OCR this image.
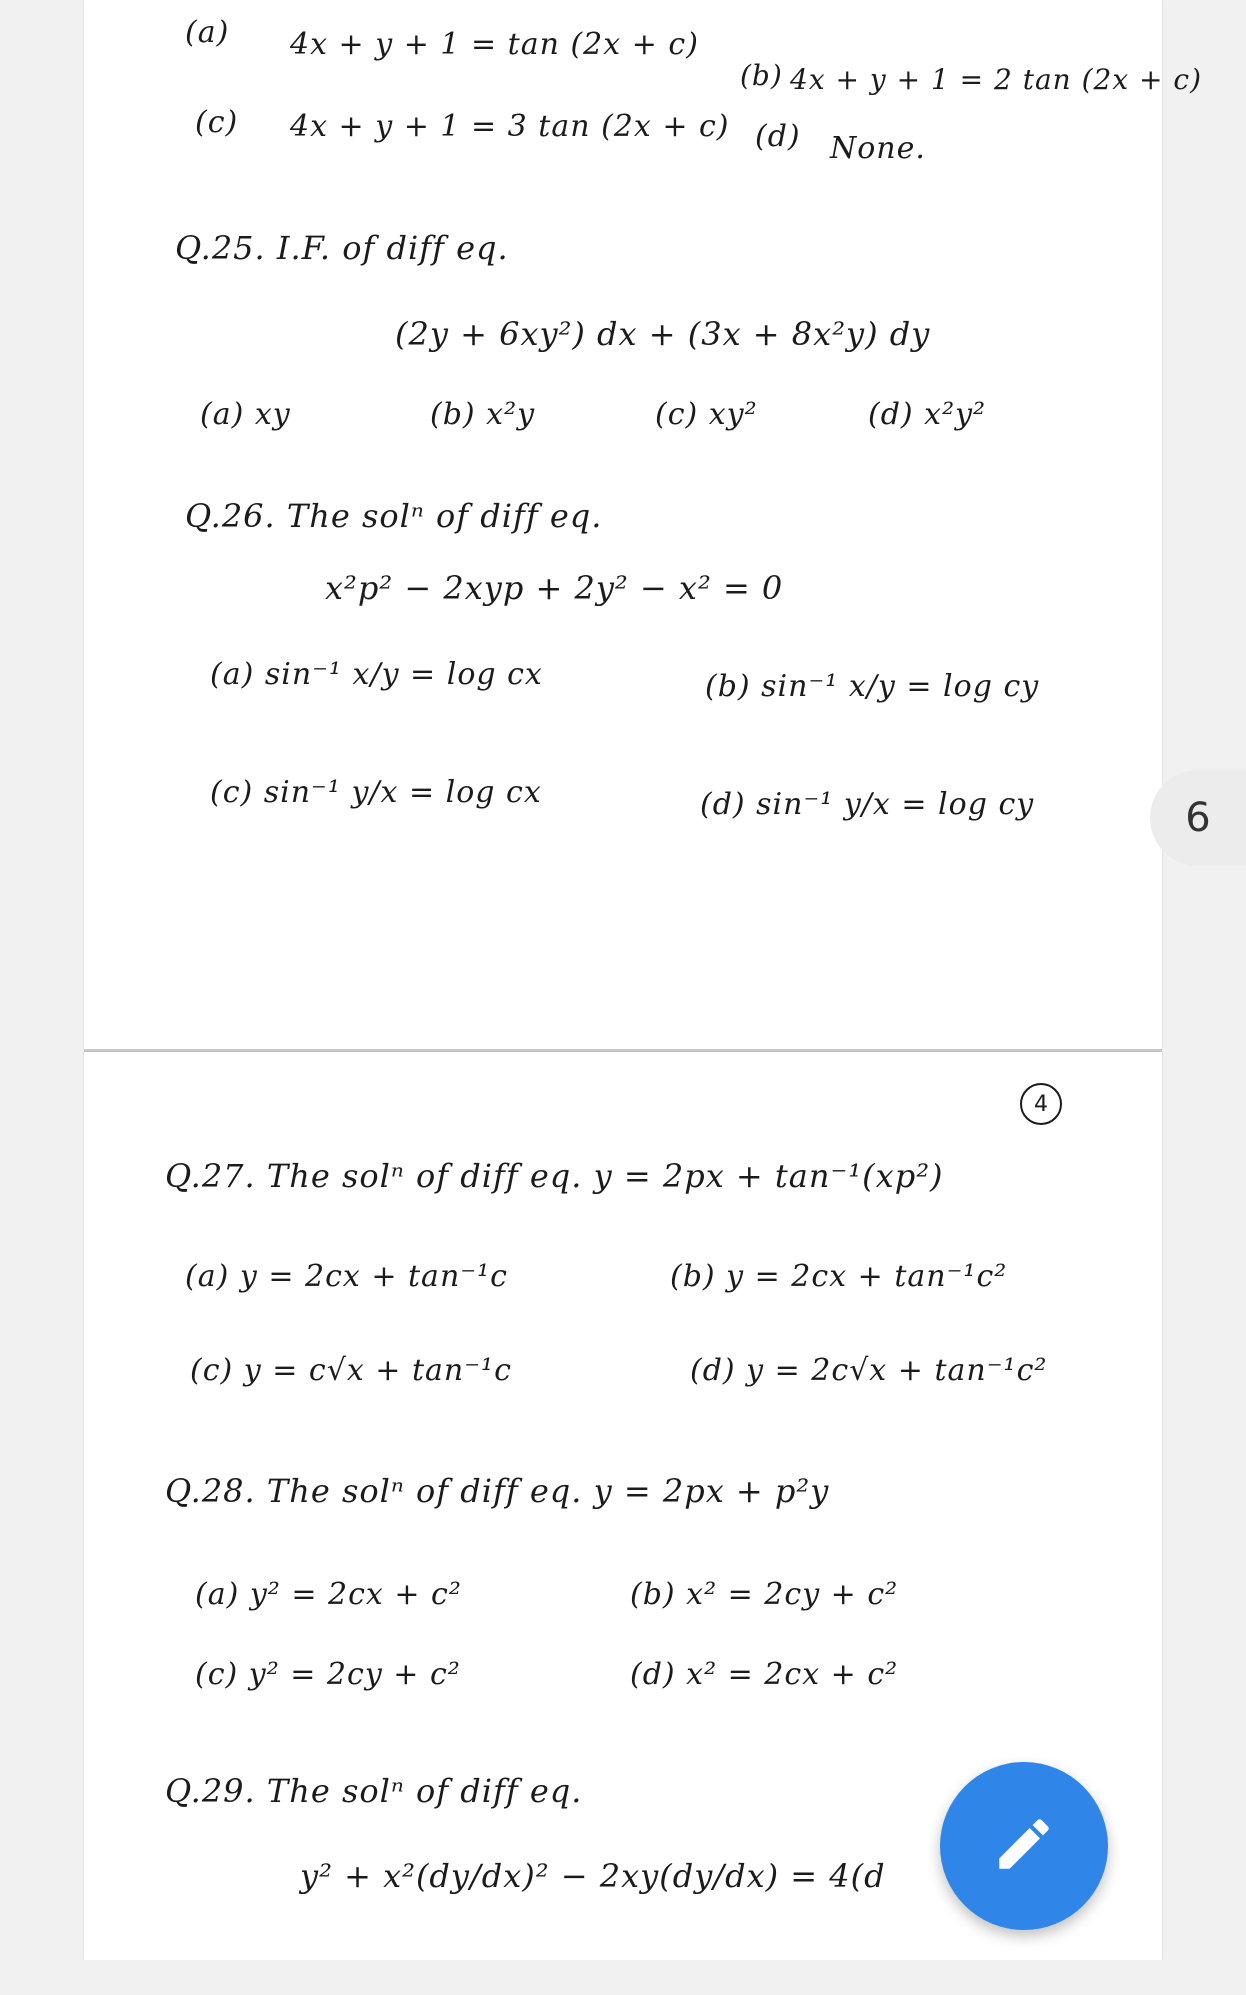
(a) 4x + y + 1 = tan (2x + c)
(b) 4x + y + 1 = 2 tan (2x + c)
(c) 4x + y + 1 = 3 tan (2x + c) (d) None.
Q.25. I.F. of diff eq.
(2y + 6xy²) dx + (3x + 8x²y) dy
(a) xy	(b) x²y	(c) xy²	(d) x²y²
Q.26. The solⁿ of diff eq.
x²p² − 2xyp + 2y² − x² = 0
(a) sin⁻¹ x/y = log cx	(b) sin⁻¹ x/y = log cy
(c) sin⁻¹ y/x = log cx	(d) sin⁻¹ y/x = log cy	6
4
Q.27. The solⁿ of diff eq. y = 2px + tan⁻¹(xp²)
(a) y = 2cx + tan⁻¹c	(b) y = 2cx + tan⁻¹c²
(c) y = c√x + tan⁻¹c	(d) y = 2c√x + tan⁻¹c²
Q.28. The solⁿ of diff eq. y = 2px + p²y
(a) y² = 2cx + c²	(b) x² = 2cy + c²
(c) y² = 2cy + c²	(d) x² = 2cx + c²
Q.29. The solⁿ of diff eq.
y² + x²(dy/dx)² − 2xy(dy/dx) = 4(d
